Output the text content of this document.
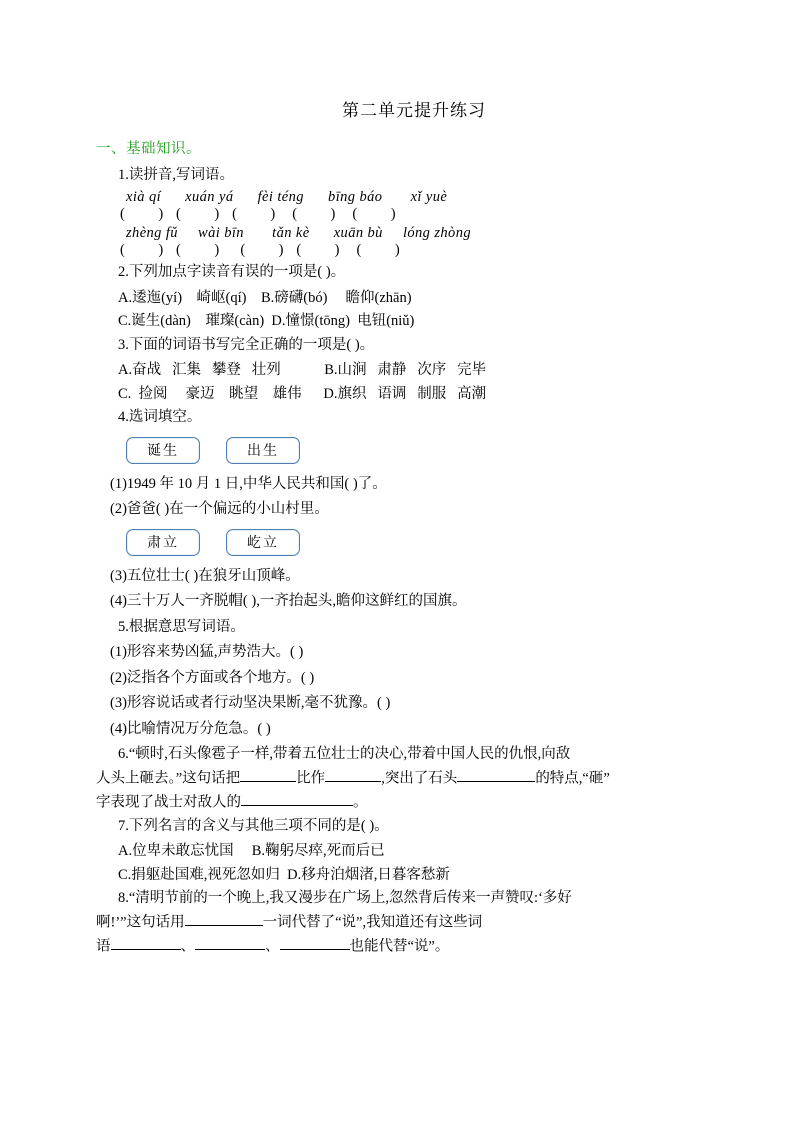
第二单元提升练习
一、基础知识。
1.读拼音,写词语。
xià qí      xuán yá      fèi téng      bīng báo       xǐ yuè
(        )   (        )   (        )    (        )    (        )
zhèng fǔ     wài bīn       tǎn kè      xuān bù     lóng zhòng
(        )   (        )     (        )   (        )    (        )
2.下列加点字读音有误的一项是( )。
A.逶迤(yí)    崎岖(qí)    B.磅礴(bó)     瞻仰(zhān)
C.诞生(dàn)    璀璨(càn)  D.憧憬(tōng)  电钮(niǔ)
3.下面的词语书写完全正确的一项是( )。
A.奋战   汇集   攀登   壮列            B.山涧   肃静   次序   完毕
C.  捡阅     豪迈    眺望    雄伟      D.旗织   语调   制服   高潮
4.选词填空。
诞生	出生
(1)1949 年 10 月 1 日,中华人民共和国( )了。
(2)爸爸( )在一个偏远的小山村里。
肃立	屹立
(3)五位壮士( )在狼牙山顶峰。
(4)三十万人一齐脱帽( ),一齐抬起头,瞻仰这鲜红的国旗。
5.根据意思写词语。
(1)形容来势凶猛,声势浩大。( )
(2)泛指各个方面或各个地方。( )
(3)形容说话或者行动坚决果断,毫不犹豫。( )
(4)比喻情况万分危急。( )
6.“顿时,石头像雹子一样,带着五位壮士的决心,带着中国人民的仇恨,向敌
人头上砸去。”这句话把	比作	,突出了石头	的特点,“砸”
字表现了战士对敌人的	。
7.下列名言的含义与其他三项不同的是( )。
A.位卑未敢忘忧国     B.鞠躬尽瘁,死而后已
C.捐躯赴国难,视死忽如归  D.移舟泊烟渚,日暮客愁新
8.“清明节前的一个晚上,我又漫步在广场上,忽然背后传来一声赞叹:‘多好
啊!’”这句话用	一词代替了“说”,我知道还有这些词
语	、	、	也能代替“说”。
